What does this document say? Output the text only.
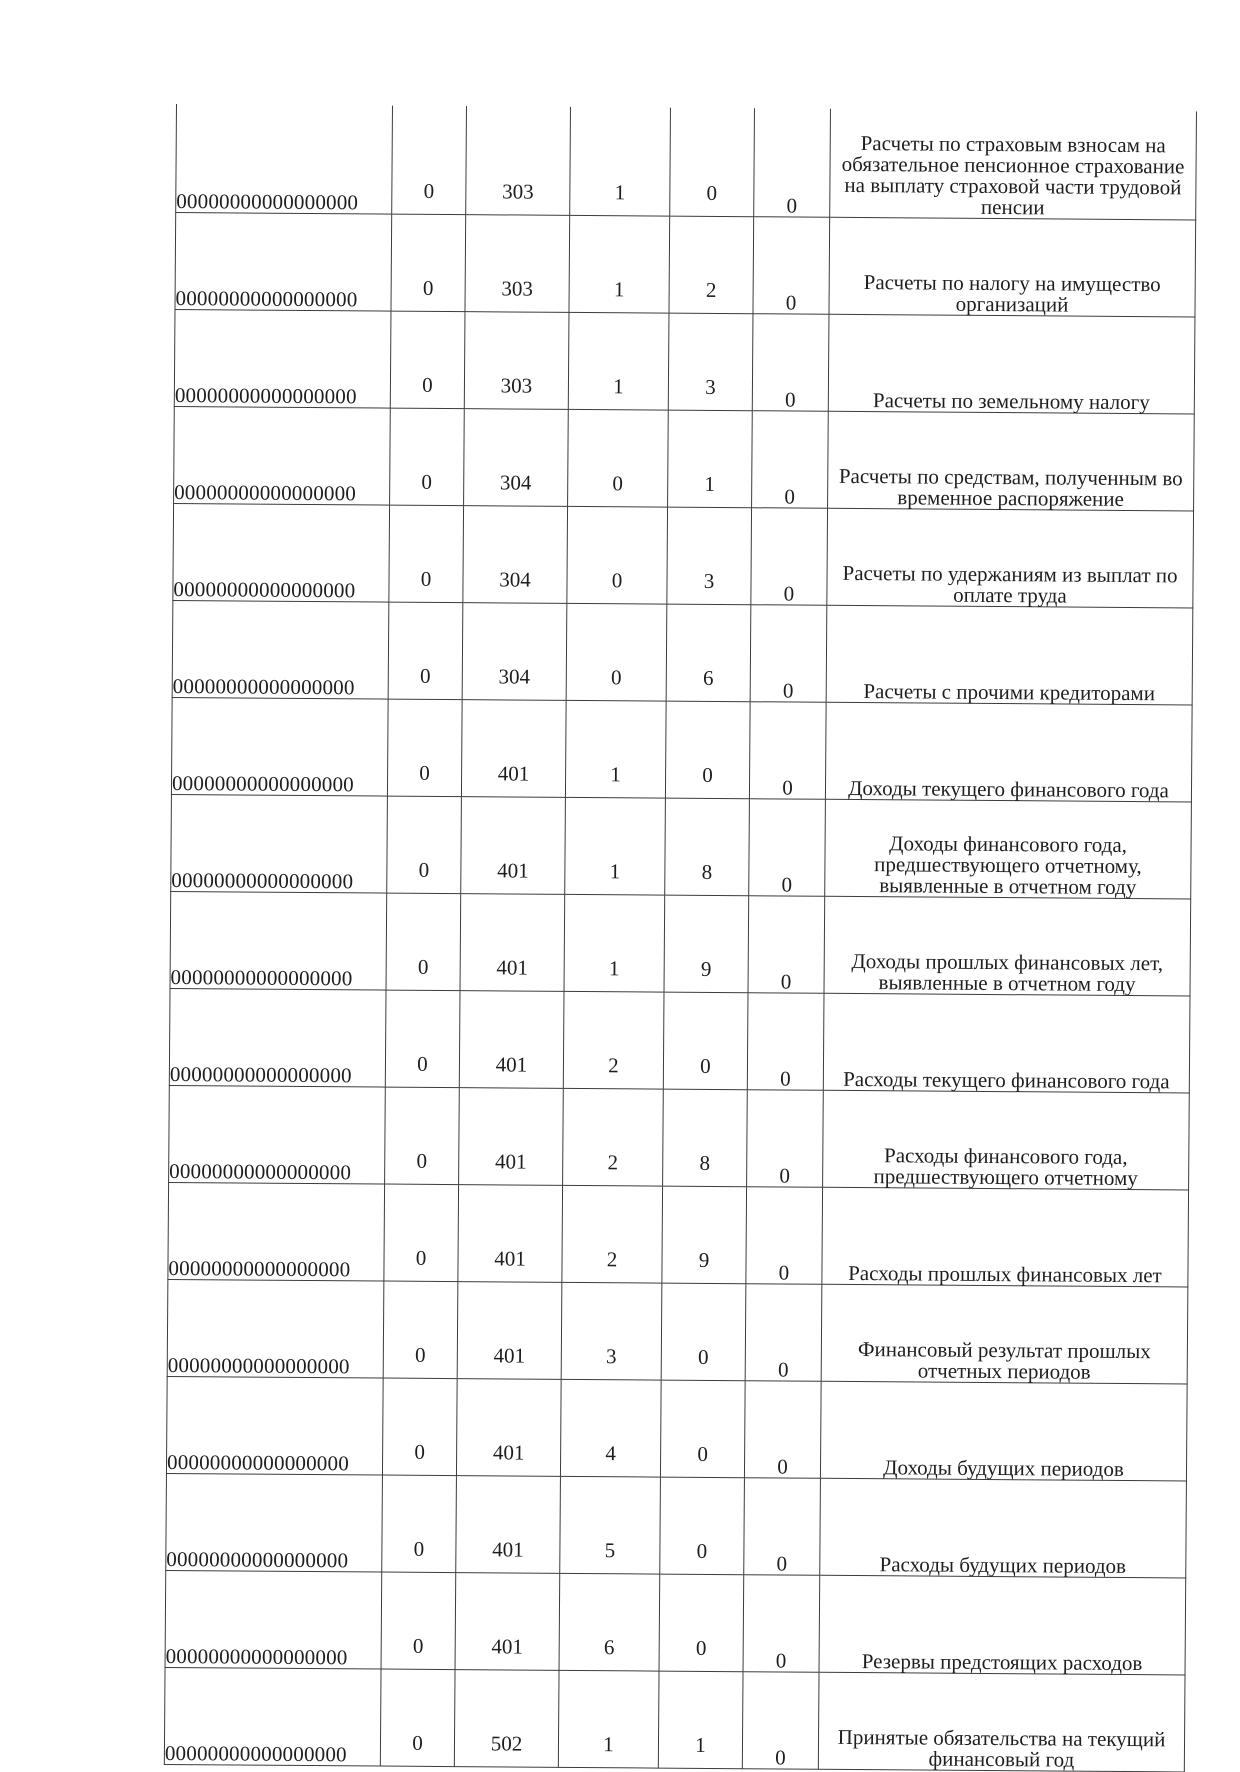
00000000000000000	0	303	1	0	0	Расчеты по страховым взносам на обязательное пенсионное страхование на выплату страховой части трудовой пенсии
00000000000000000	0	303	1	2	0	Расчеты по налогу на имущество организаций
00000000000000000	0	303	1	3	0	Расчеты по земельному налогу
00000000000000000	0	304	0	1	0	Расчеты по средствам, полученным во временное распоряжение
00000000000000000	0	304	0	3	0	Расчеты по удержаниям из выплат по оплате труда
00000000000000000	0	304	0	6	0	Расчеты с прочими кредиторами
00000000000000000	0	401	1	0	0	Доходы текущего финансового года
00000000000000000	0	401	1	8	0	Доходы финансового года, предшествующего отчетному, выявленные в отчетном году
00000000000000000	0	401	1	9	0	Доходы прошлых финансовых лет, выявленные в отчетном году
00000000000000000	0	401	2	0	0	Расходы текущего финансового года
00000000000000000	0	401	2	8	0	Расходы финансового года, предшествующего отчетному
00000000000000000	0	401	2	9	0	Расходы прошлых финансовых лет
00000000000000000	0	401	3	0	0	Финансовый результат прошлых отчетных периодов
00000000000000000	0	401	4	0	0	Доходы будущих периодов
00000000000000000	0	401	5	0	0	Расходы будущих периодов
00000000000000000	0	401	6	0	0	Резервы предстоящих расходов
00000000000000000	0	502	1	1	0	Принятые обязательства на текущий финансовый год
